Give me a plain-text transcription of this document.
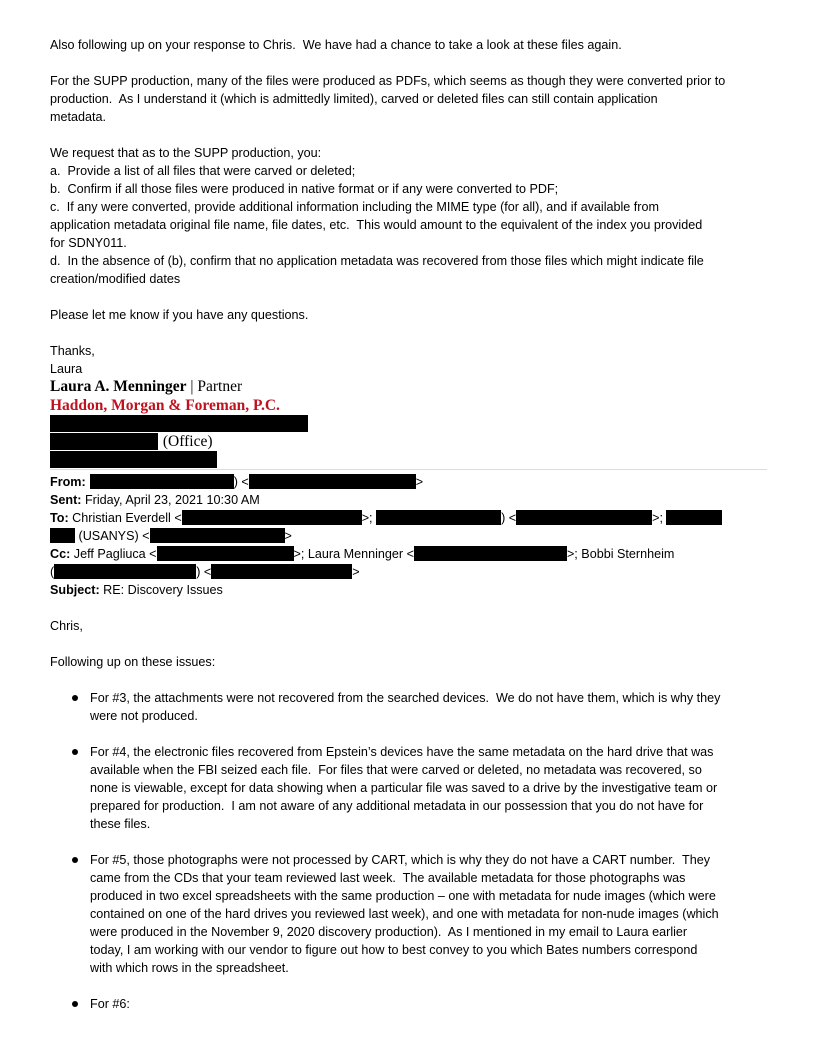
Also following up on your response to Chris.  We have had a chance to take a look at these files again.

For the SUPP production, many of the files were produced as PDFs, which seems as though they were converted prior to

production.  As I understand it (which is admittedly limited), carved or deleted files can still contain application

metadata.

We request that as to the SUPP production, you:

a.  Provide a list of all files that were carved or deleted;

b.  Confirm if all those files were produced in native format or if any were converted to PDF;

c.  If any were converted, provide additional information including the MIME type (for all), and if available from

application metadata original file name, file dates, etc.  This would amount to the equivalent of the index you provided

for SDNY011.

d.  In the absence of (b), confirm that no application metadata was recovered from those files which might indicate file

creation/modified dates

Please let me know if you have any questions.

Thanks,

Laura

Laura A. Menninger | Partner

Haddon, Morgan & Foreman, P.C.

(Office)

From:	) <	>

Sent: Friday, April 23, 2021 10:30 AM

To: Christian Everdell <	>;	) <	>;

(USANYS) <	>

Cc: Jeff Pagliuca <	>; Laura Menninger <	>; Bobbi Sternheim

(	) <	>

Subject: RE: Discovery Issues

Chris,

Following up on these issues:

For #3, the attachments were not recovered from the searched devices.  We do not have them, which is why they

were not produced.

For #4, the electronic files recovered from Epstein’s devices have the same metadata on the hard drive that was

available when the FBI seized each file.  For files that were carved or deleted, no metadata was recovered, so

none is viewable, except for data showing when a particular file was saved to a drive by the investigative team or

prepared for production.  I am not aware of any additional metadata in our possession that you do not have for

these files.

For #5, those photographs were not processed by CART, which is why they do not have a CART number.  They

came from the CDs that your team reviewed last week.  The available metadata for those photographs was

produced in two excel spreadsheets with the same production – one with metadata for nude images (which were

contained on one of the hard drives you reviewed last week), and one with metadata for non-nude images (which

were produced in the November 9, 2020 discovery production).  As I mentioned in my email to Laura earlier

today, I am working with our vendor to figure out how to best convey to you which Bates numbers correspond

with which rows in the spreadsheet.

For #6:
